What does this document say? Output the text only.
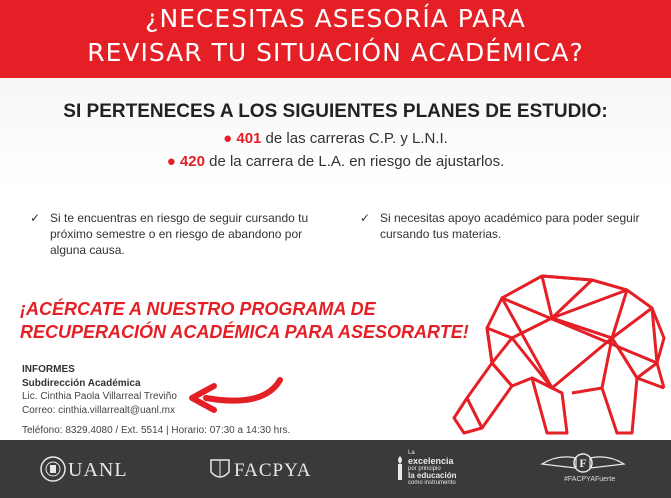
¿NECESITAS ASESORÍA PARA
REVISAR TU SITUACIÓN ACADÉMICA?
SI PERTENECES A LOS SIGUIENTES PLANES DE ESTUDIO:
● 401 de las carreras C.P. y L.N.I.
● 420 de la carrera de L.A. en riesgo de ajustarlos.
✓ Si te encuentras en riesgo de seguir cursando tu próximo semestre o en riesgo de abandono por alguna causa.
✓ Si necesitas apoyo académico para poder seguir cursando tus materias.
¡ACÉRCATE A NUESTRO PROGRAMA DE
RECUPERACIÓN ACADÉMICA PARA ASESORARTE!
INFORMES
Subdirección Académica
Lic. Cinthia Paola Villarreal Treviño
Correo: cinthia.villarrealt@uanl.mx
Teléfono: 8329.4080 / Ext. 5514 | Horario: 07:30 a 14:30 hrs.
UANL	FACPYA
La
excelencia
por principio
la educación
como instrumento
F
#FACPYAFuerte
